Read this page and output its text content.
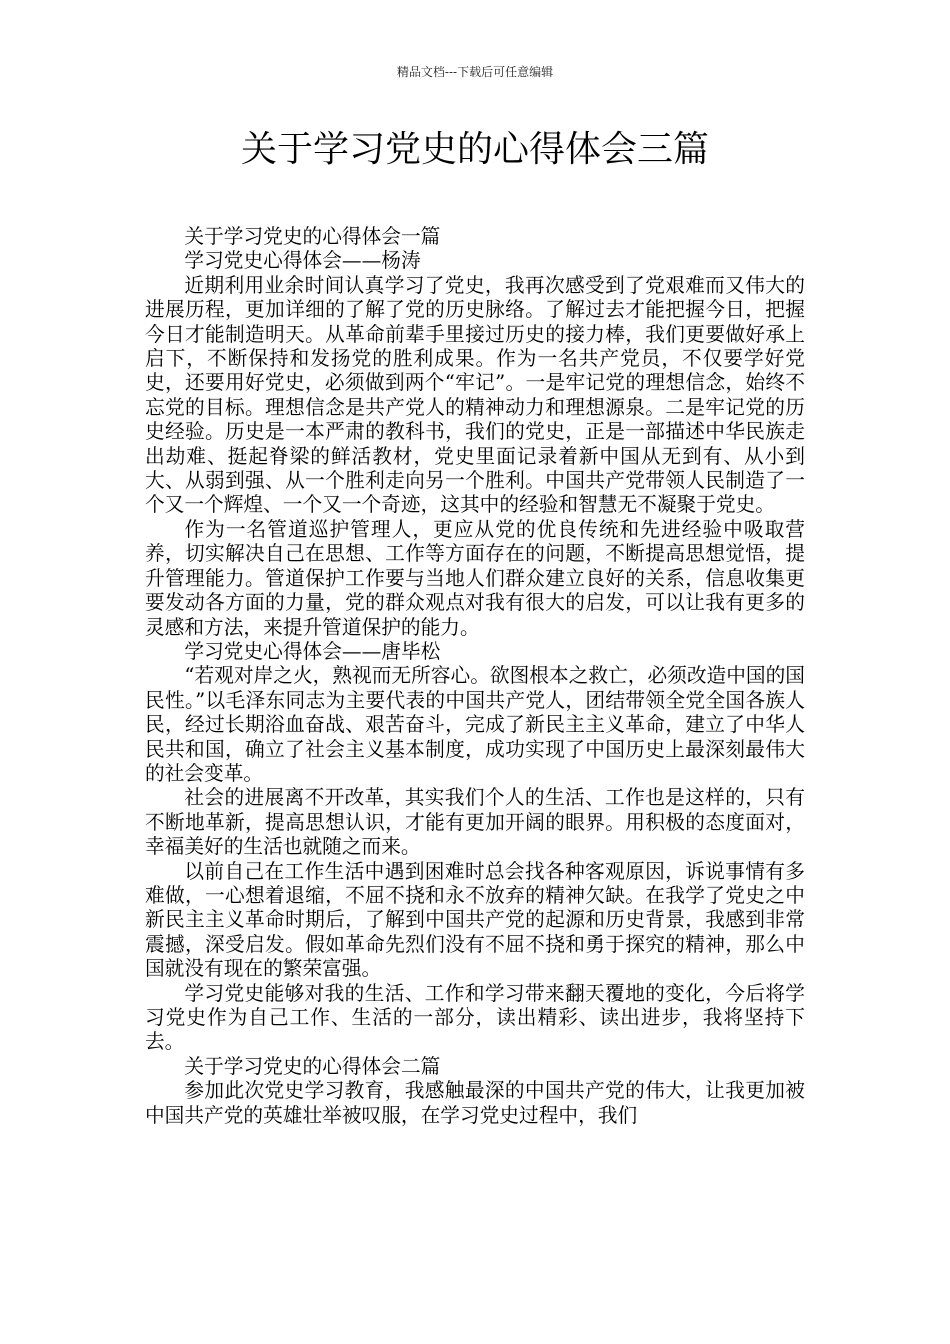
精品文档---下载后可任意编辑
关于学习党史的心得体会三篇

关于学习党史的心得体会一篇

学习党史心得体会——杨涛

近期利用业余时间认真学习了党史，我再次感受到了党艰难而又伟大的进展历程，更加详细的了解了党的历史脉络。了解过去才能把握今日，把握今日才能制造明天。从革命前辈手里接过历史的接力棒，我们更要做好承上启下，不断保持和发扬党的胜利成果。作为一名共产党员，不仅要学好党史，还要用好党史，必须做到两个“牢记”。一是牢记党的理想信念，始终不忘党的目标。理想信念是共产党人的精神动力和理想源泉。二是牢记党的历史经验。历史是一本严肃的教科书，我们的党史，正是一部描述中华民族走出劫难、挺起脊梁的鲜活教材，党史里面记录着新中国从无到有、从小到大、从弱到强、从一个胜利走向另一个胜利。中国共产党带领人民制造了一个又一个辉煌、一个又一个奇迹，这其中的经验和智慧无不凝聚于党史。

作为一名管道巡护管理人，更应从党的优良传统和先进经验中吸取营养，切实解决自己在思想、工作等方面存在的问题，不断提高思想觉悟，提升管理能力。管道保护工作要与当地人们群众建立良好的关系，信息收集更要发动各方面的力量，党的群众观点对我有很大的启发，可以让我有更多的灵感和方法，来提升管道保护的能力。

学习党史心得体会——唐毕松

“若观对岸之火，熟视而无所容心。欲图根本之救亡，必须改造中国的国民性。”以毛泽东同志为主要代表的中国共产党人，团结带领全党全国各族人民，经过长期浴血奋战、艰苦奋斗，完成了新民主主义革命，建立了中华人民共和国，确立了社会主义基本制度，成功实现了中国历史上最深刻最伟大的社会变革。

社会的进展离不开改革，其实我们个人的生活、工作也是这样的，只有不断地革新，提高思想认识，才能有更加开阔的眼界。用积极的态度面对，幸福美好的生活也就随之而来。

以前自己在工作生活中遇到困难时总会找各种客观原因，诉说事情有多难做，一心想着退缩，不屈不挠和永不放弃的精神欠缺。在我学了党史之中新民主主义革命时期后，了解到中国共产党的起源和历史背景，我感到非常震撼，深受启发。假如革命先烈们没有不屈不挠和勇于探究的精神，那么中国就没有现在的繁荣富强。

学习党史能够对我的生活、工作和学习带来翻天覆地的变化，今后将学习党史作为自己工作、生活的一部分，读出精彩、读出进步，我将坚持下去。

关于学习党史的心得体会二篇

参加此次党史学习教育，我感触最深的中国共产党的伟大，让我更加被中国共产党的英雄壮举被叹服，在学习党史过程中，我们
